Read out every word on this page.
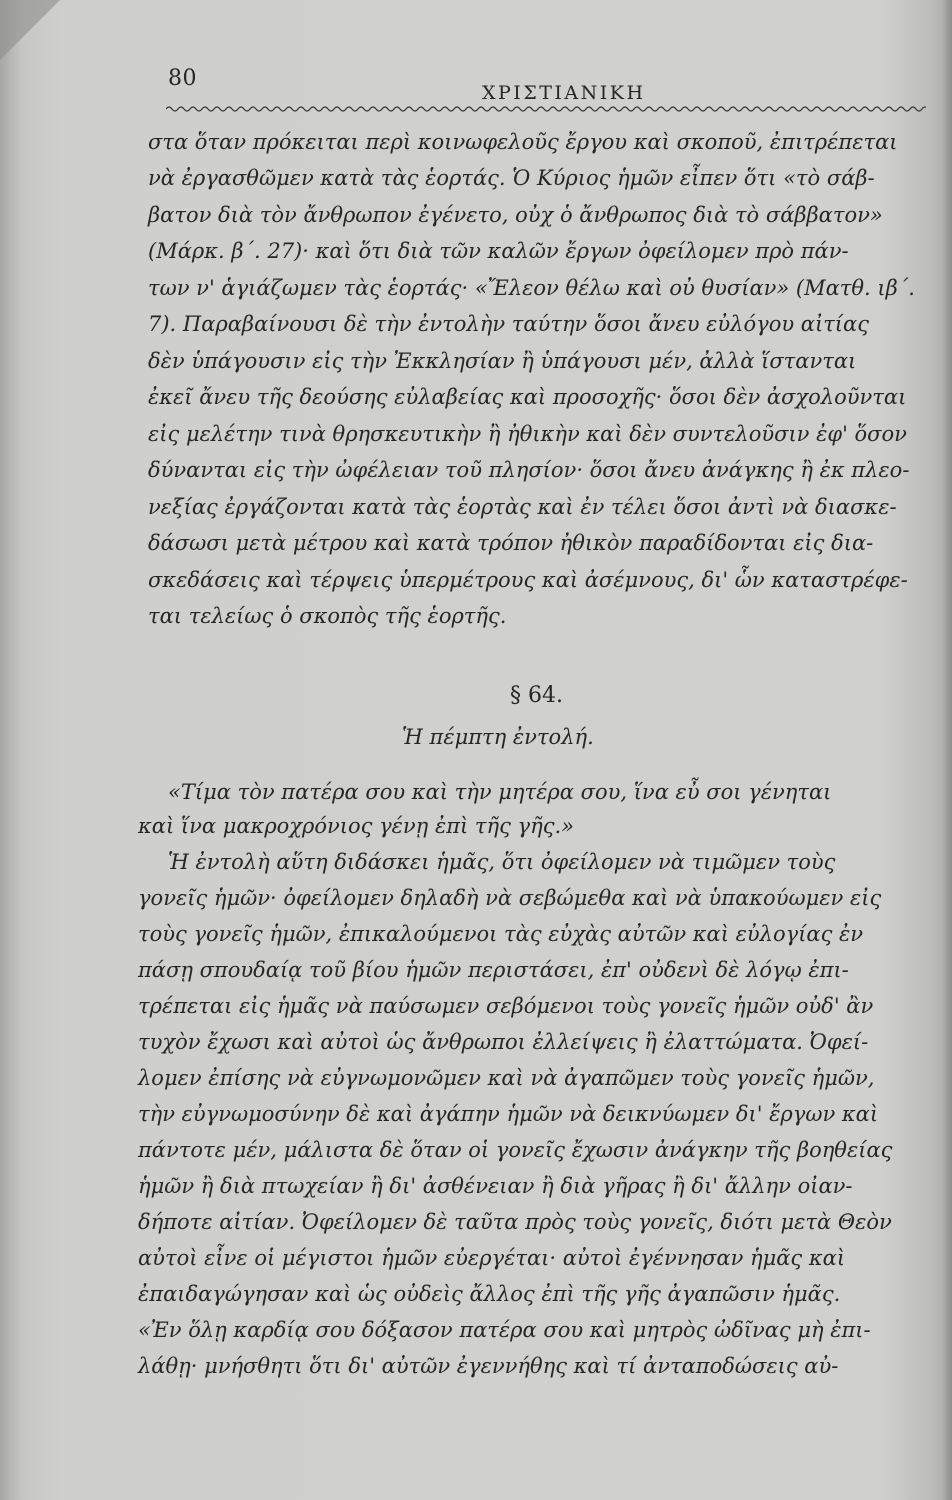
80
ΧΡΙΣΤΙΑΝΙΚΗ
στα ὅταν πρόκειται περὶ κοινωφελοῦς ἔργου καὶ σκοποῦ, ἐπιτρέπεται
νὰ ἐργασθῶμεν κατὰ τὰς ἑορτάς. Ὁ Κύριος ἡμῶν εἶπεν ὅτι «τὸ σάβ-
βατον διὰ τὸν ἄνθρωπον ἐγένετο, οὐχ ὁ ἄνθρωπος διὰ τὸ σάββατον»
(Μάρκ. β΄. 27)· καὶ ὅτι διὰ τῶν καλῶν ἔργων ὀφείλομεν πρὸ πάν-
των ν' ἁγιάζωμεν τὰς ἑορτάς· «Ἔλεον θέλω καὶ οὐ θυσίαν» (Ματθ. ιβ΄.
7). Παραβαίνουσι δὲ τὴν ἐντολὴν ταύτην ὅσοι ἄνευ εὐλόγου αἰτίας
δὲν ὑπάγουσιν εἰς τὴν Ἐκκλησίαν ἢ ὑπάγουσι μέν, ἀλλὰ ἵστανται
ἐκεῖ ἄνευ τῆς δεούσης εὐλαβείας καὶ προσοχῆς· ὅσοι δὲν ἀσχολοῦνται
εἰς μελέτην τινὰ θρησκευτικὴν ἢ ἠθικὴν καὶ δὲν συντελοῦσιν ἐφ' ὅσον
δύνανται εἰς τὴν ὠφέλειαν τοῦ πλησίον· ὅσοι ἄνευ ἀνάγκης ἢ ἐκ πλεο-
νεξίας ἐργάζονται κατὰ τὰς ἑορτὰς καὶ ἐν τέλει ὅσοι ἀντὶ νὰ διασκε-
δάσωσι μετὰ μέτρου καὶ κατὰ τρόπον ἠθικὸν παραδίδονται εἰς δια-
σκεδάσεις καὶ τέρψεις ὑπερμέτρους καὶ ἀσέμνους, δι' ὧν καταστρέφε-
ται τελείως ὁ σκοπὸς τῆς ἑορτῆς.
§ 64.
Ἡ πέμπτη ἐντολή.
«Τίμα τὸν πατέρα σου καὶ τὴν μητέρα σου, ἵνα εὖ σοι γένηται
καὶ ἵνα μακροχρόνιος γένῃ ἐπὶ τῆς γῆς.»
Ἡ ἐντολὴ αὕτη διδάσκει ἡμᾶς, ὅτι ὀφείλομεν νὰ τιμῶμεν τοὺς
γονεῖς ἡμῶν· ὀφείλομεν δηλαδὴ νὰ σεβώμεθα καὶ νὰ ὑπακούωμεν εἰς
τοὺς γονεῖς ἡμῶν, ἐπικαλούμενοι τὰς εὐχὰς αὐτῶν καὶ εὐλογίας ἐν
πάσῃ σπουδαίᾳ τοῦ βίου ἡμῶν περιστάσει, ἐπ' οὐδενὶ δὲ λόγῳ ἐπι-
τρέπεται εἰς ἡμᾶς νὰ παύσωμεν σεβόμενοι τοὺς γονεῖς ἡμῶν οὐδ' ἂν
τυχὸν ἔχωσι καὶ αὐτοὶ ὡς ἄνθρωποι ἐλλείψεις ἢ ἐλαττώματα. Ὀφεί-
λομεν ἐπίσης νὰ εὐγνωμονῶμεν καὶ νὰ ἀγαπῶμεν τοὺς γονεῖς ἡμῶν,
τὴν εὐγνωμοσύνην δὲ καὶ ἀγάπην ἡμῶν νὰ δεικνύωμεν δι' ἔργων καὶ
πάντοτε μέν, μάλιστα δὲ ὅταν οἱ γονεῖς ἔχωσιν ἀνάγκην τῆς βοηθείας
ἡμῶν ἢ διὰ πτωχείαν ἢ δι' ἀσθένειαν ἢ διὰ γῆρας ἢ δι' ἄλλην οἰαν-
δήποτε αἰτίαν. Ὀφείλομεν δὲ ταῦτα πρὸς τοὺς γονεῖς, διότι μετὰ Θεὸν
αὐτοὶ εἶνε οἱ μέγιστοι ἡμῶν εὐεργέται· αὐτοὶ ἐγέννησαν ἡμᾶς καὶ
ἐπαιδαγώγησαν καὶ ὡς οὐδεὶς ἄλλος ἐπὶ τῆς γῆς ἀγαπῶσιν ἡμᾶς.
«Ἐν ὅλῃ καρδίᾳ σου δόξασον πατέρα σου καὶ μητρὸς ὠδῖνας μὴ ἐπι-
λάθῃ· μνήσθητι ὅτι δι' αὐτῶν ἐγεννήθης καὶ τί ἀνταποδώσεις αὐ-
